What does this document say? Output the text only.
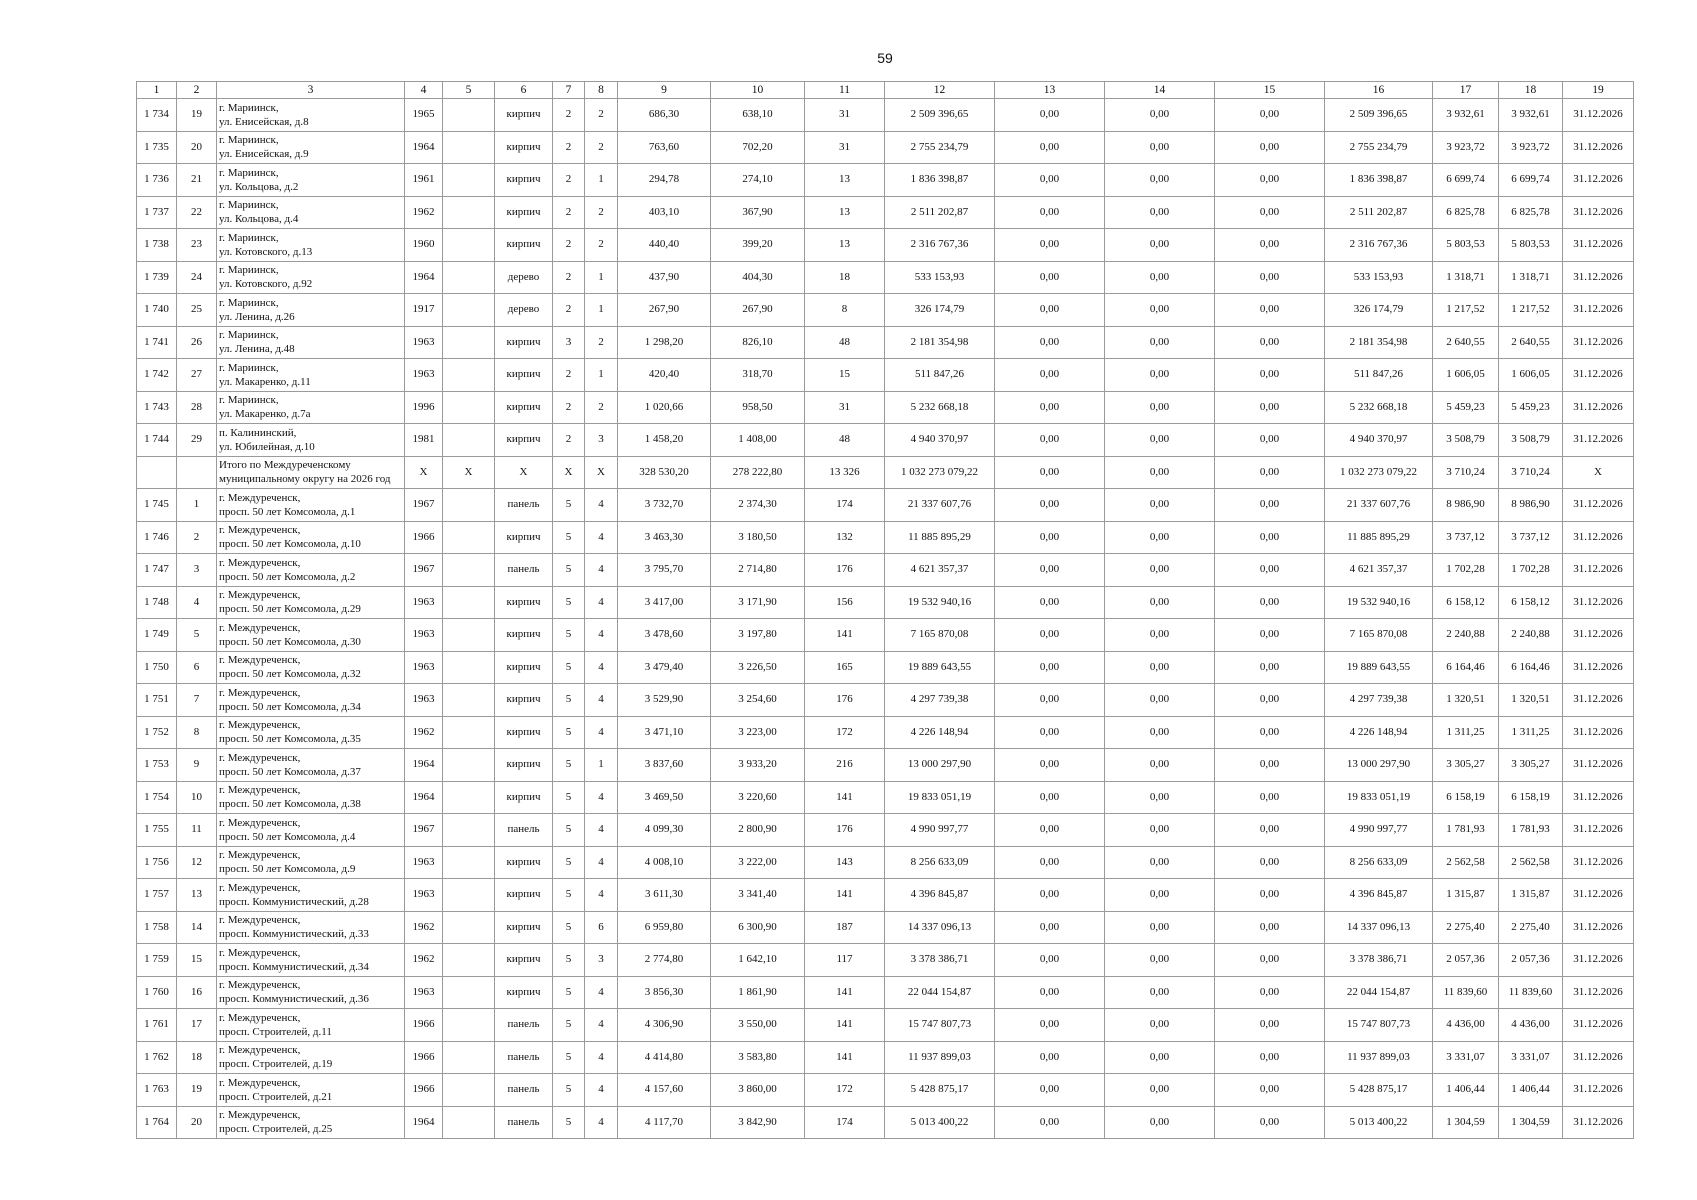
59
1	2	3	4	5	6	7	8	9	10	11	12	13	14	15	16	17	18	19
1 734	19	г. Мариинск,
ул. Енисейская, д.8	1965		кирпич	2	2	686,30	638,10	31	2 509 396,65	0,00	0,00	0,00	2 509 396,65	3 932,61	3 932,61	31.12.2026
1 735	20	г. Мариинск,
ул. Енисейская, д.9	1964		кирпич	2	2	763,60	702,20	31	2 755 234,79	0,00	0,00	0,00	2 755 234,79	3 923,72	3 923,72	31.12.2026
1 736	21	г. Мариинск,
ул. Кольцова, д.2	1961		кирпич	2	1	294,78	274,10	13	1 836 398,87	0,00	0,00	0,00	1 836 398,87	6 699,74	6 699,74	31.12.2026
1 737	22	г. Мариинск,
ул. Кольцова, д.4	1962		кирпич	2	2	403,10	367,90	13	2 511 202,87	0,00	0,00	0,00	2 511 202,87	6 825,78	6 825,78	31.12.2026
1 738	23	г. Мариинск,
ул. Котовского, д.13	1960		кирпич	2	2	440,40	399,20	13	2 316 767,36	0,00	0,00	0,00	2 316 767,36	5 803,53	5 803,53	31.12.2026
1 739	24	г. Мариинск,
ул. Котовского, д.92	1964		дерево	2	1	437,90	404,30	18	533 153,93	0,00	0,00	0,00	533 153,93	1 318,71	1 318,71	31.12.2026
1 740	25	г. Мариинск,
ул. Ленина, д.26	1917		дерево	2	1	267,90	267,90	8	326 174,79	0,00	0,00	0,00	326 174,79	1 217,52	1 217,52	31.12.2026
1 741	26	г. Мариинск,
ул. Ленина, д.48	1963		кирпич	3	2	1 298,20	826,10	48	2 181 354,98	0,00	0,00	0,00	2 181 354,98	2 640,55	2 640,55	31.12.2026
1 742	27	г. Мариинск,
ул. Макаренко, д.11	1963		кирпич	2	1	420,40	318,70	15	511 847,26	0,00	0,00	0,00	511 847,26	1 606,05	1 606,05	31.12.2026
1 743	28	г. Мариинск,
ул. Макаренко, д.7а	1996		кирпич	2	2	1 020,66	958,50	31	5 232 668,18	0,00	0,00	0,00	5 232 668,18	5 459,23	5 459,23	31.12.2026
1 744	29	п. Калининский,
ул. Юбилейная, д.10	1981		кирпич	2	3	1 458,20	1 408,00	48	4 940 370,97	0,00	0,00	0,00	4 940 370,97	3 508,79	3 508,79	31.12.2026

		Итого по Междуреченскому
муниципальному округу на 2026 год	X	X	X	X	X	328 530,20	278 222,80	13 326	1 032 273 079,22	0,00	0,00	0,00	1 032 273 079,22	3 710,24	3 710,24	X
1 745	1	г. Междуреченск,
просп. 50 лет Комсомола, д.1	1967		панель	5	4	3 732,70	2 374,30	174	21 337 607,76	0,00	0,00	0,00	21 337 607,76	8 986,90	8 986,90	31.12.2026
1 746	2	г. Междуреченск,
просп. 50 лет Комсомола, д.10	1966		кирпич	5	4	3 463,30	3 180,50	132	11 885 895,29	0,00	0,00	0,00	11 885 895,29	3 737,12	3 737,12	31.12.2026
1 747	3	г. Междуреченск,
просп. 50 лет Комсомола, д.2	1967		панель	5	4	3 795,70	2 714,80	176	4 621 357,37	0,00	0,00	0,00	4 621 357,37	1 702,28	1 702,28	31.12.2026
1 748	4	г. Междуреченск,
просп. 50 лет Комсомола, д.29	1963		кирпич	5	4	3 417,00	3 171,90	156	19 532 940,16	0,00	0,00	0,00	19 532 940,16	6 158,12	6 158,12	31.12.2026
1 749	5	г. Междуреченск,
просп. 50 лет Комсомола, д.30	1963		кирпич	5	4	3 478,60	3 197,80	141	7 165 870,08	0,00	0,00	0,00	7 165 870,08	2 240,88	2 240,88	31.12.2026
1 750	6	г. Междуреченск,
просп. 50 лет Комсомола, д.32	1963		кирпич	5	4	3 479,40	3 226,50	165	19 889 643,55	0,00	0,00	0,00	19 889 643,55	6 164,46	6 164,46	31.12.2026
1 751	7	г. Междуреченск,
просп. 50 лет Комсомола, д.34	1963		кирпич	5	4	3 529,90	3 254,60	176	4 297 739,38	0,00	0,00	0,00	4 297 739,38	1 320,51	1 320,51	31.12.2026
1 752	8	г. Междуреченск,
просп. 50 лет Комсомола, д.35	1962		кирпич	5	4	3 471,10	3 223,00	172	4 226 148,94	0,00	0,00	0,00	4 226 148,94	1 311,25	1 311,25	31.12.2026
1 753	9	г. Междуреченск,
просп. 50 лет Комсомола, д.37	1964		кирпич	5	1	3 837,60	3 933,20	216	13 000 297,90	0,00	0,00	0,00	13 000 297,90	3 305,27	3 305,27	31.12.2026
1 754	10	г. Междуреченск,
просп. 50 лет Комсомола, д.38	1964		кирпич	5	4	3 469,50	3 220,60	141	19 833 051,19	0,00	0,00	0,00	19 833 051,19	6 158,19	6 158,19	31.12.2026
1 755	11	г. Междуреченск,
просп. 50 лет Комсомола, д.4	1967		панель	5	4	4 099,30	2 800,90	176	4 990 997,77	0,00	0,00	0,00	4 990 997,77	1 781,93	1 781,93	31.12.2026
1 756	12	г. Междуреченск,
просп. 50 лет Комсомола, д.9	1963		кирпич	5	4	4 008,10	3 222,00	143	8 256 633,09	0,00	0,00	0,00	8 256 633,09	2 562,58	2 562,58	31.12.2026
1 757	13	г. Междуреченск,
просп. Коммунистический, д.28	1963		кирпич	5	4	3 611,30	3 341,40	141	4 396 845,87	0,00	0,00	0,00	4 396 845,87	1 315,87	1 315,87	31.12.2026
1 758	14	г. Междуреченск,
просп. Коммунистический, д.33	1962		кирпич	5	6	6 959,80	6 300,90	187	14 337 096,13	0,00	0,00	0,00	14 337 096,13	2 275,40	2 275,40	31.12.2026
1 759	15	г. Междуреченск,
просп. Коммунистический, д.34	1962		кирпич	5	3	2 774,80	1 642,10	117	3 378 386,71	0,00	0,00	0,00	3 378 386,71	2 057,36	2 057,36	31.12.2026
1 760	16	г. Междуреченск,
просп. Коммунистический, д.36	1963		кирпич	5	4	3 856,30	1 861,90	141	22 044 154,87	0,00	0,00	0,00	22 044 154,87	11 839,60	11 839,60	31.12.2026
1 761	17	г. Междуреченск,
просп. Строителей, д.11	1966		панель	5	4	4 306,90	3 550,00	141	15 747 807,73	0,00	0,00	0,00	15 747 807,73	4 436,00	4 436,00	31.12.2026
1 762	18	г. Междуреченск,
просп. Строителей, д.19	1966		панель	5	4	4 414,80	3 583,80	141	11 937 899,03	0,00	0,00	0,00	11 937 899,03	3 331,07	3 331,07	31.12.2026
1 763	19	г. Междуреченск,
просп. Строителей, д.21	1966		панель	5	4	4 157,60	3 860,00	172	5 428 875,17	0,00	0,00	0,00	5 428 875,17	1 406,44	1 406,44	31.12.2026
1 764	20	г. Междуреченск,
просп. Строителей, д.25	1964		панель	5	4	4 117,70	3 842,90	174	5 013 400,22	0,00	0,00	0,00	5 013 400,22	1 304,59	1 304,59	31.12.2026
